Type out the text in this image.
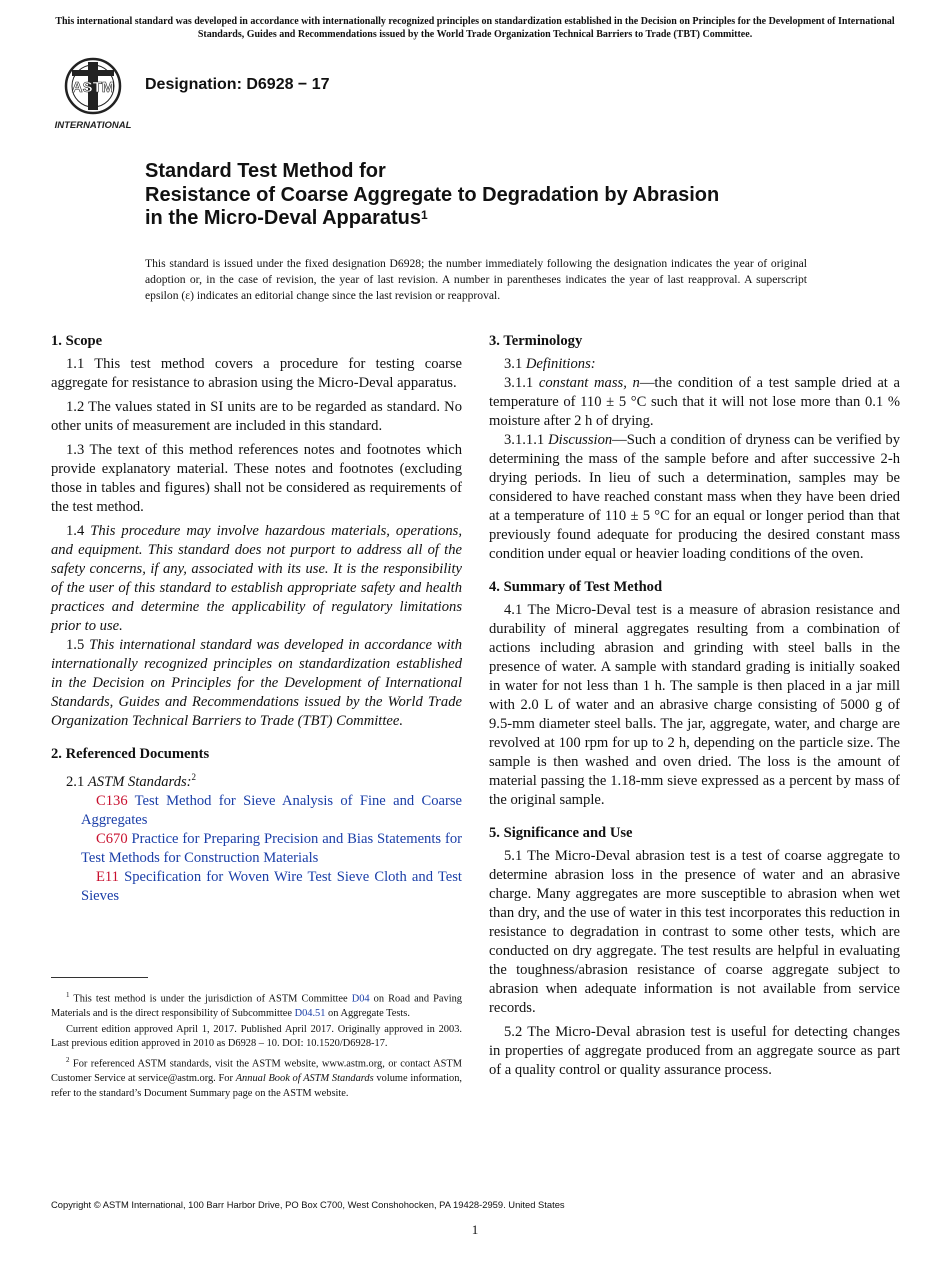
This international standard was developed in accordance with internationally recognized principles on standardization established in the Decision on Principles for the Development of International Standards, Guides and Recommendations issued by the World Trade Organization Technical Barriers to Trade (TBT) Committee.
ASTM
INTERNATIONAL
Designation: D6928 − 17
Standard Test Method for
Resistance of Coarse Aggregate to Degradation by Abrasion
in the Micro-Deval Apparatus$^1$
This standard is issued under the fixed designation D6928; the number immediately following the designation indicates the year of original adoption or, in the case of revision, the year of last revision. A number in parentheses indicates the year of last reapproval. A superscript epsilon (ε) indicates an editorial change since the last revision or reapproval.
1. Scope

1.1 This test method covers a procedure for testing coarse aggregate for resistance to abrasion using the Micro-Deval apparatus.

1.2 The values stated in SI units are to be regarded as standard. No other units of measurement are included in this standard.

1.3 The text of this method references notes and footnotes which provide explanatory material. These notes and footnotes (excluding those in tables and figures) shall not be considered as requirements of the test method.

1.4 This procedure may involve hazardous materials, operations, and equipment. This standard does not purport to address all of the safety concerns, if any, associated with its use. It is the responsibility of the user of this standard to establish appropriate safety and health practices and determine the applicability of regulatory limitations prior to use.

1.5 This international standard was developed in accordance with internationally recognized principles on standardization established in the Decision on Principles for the Development of International Standards, Guides and Recommendations issued by the World Trade Organization Technical Barriers to Trade (TBT) Committee.

2. Referenced Documents

2.1 ASTM Standards:$^2$

C136 Test Method for Sieve Analysis of Fine and Coarse Aggregates

C670 Practice for Preparing Precision and Bias Statements for Test Methods for Construction Materials

E11 Specification for Woven Wire Test Sieve Cloth and Test Sieves

3. Terminology

3.1 Definitions:

3.1.1 constant mass, n—the condition of a test sample dried at a temperature of 110 ± 5 °C such that it will not lose more than 0.1 % moisture after 2 h of drying.

3.1.1.1 Discussion—Such a condition of dryness can be verified by determining the mass of the sample before and after successive 2-h drying periods. In lieu of such a determination, samples may be considered to have reached constant mass when they have been dried at a temperature of 110 ± 5 °C for an equal or longer period than that previously found adequate for producing the desired constant mass condition under equal or heavier loading conditions of the oven.

4. Summary of Test Method

4.1 The Micro-Deval test is a measure of abrasion resistance and durability of mineral aggregates resulting from a combination of actions including abrasion and grinding with steel balls in the presence of water. A sample with standard grading is initially soaked in water for not less than 1 h. The sample is then placed in a jar mill with 2.0 L of water and an abrasive charge consisting of 5000 g of 9.5-mm diameter steel balls. The jar, aggregate, water, and charge are revolved at 100 rpm for up to 2 h, depending on the particle size. The sample is then washed and oven dried. The loss is the amount of material passing the 1.18-mm sieve expressed as a percent by mass of the original sample.

5. Significance and Use

5.1 The Micro-Deval abrasion test is a test of coarse aggregate to determine abrasion loss in the presence of water and an abrasive charge. Many aggregates are more susceptible to abrasion when wet than dry, and the use of water in this test incorporates this reduction in resistance to degradation in contrast to some other tests, which are conducted on dry aggregate. The test results are helpful in evaluating the toughness/abrasion resistance of coarse aggregate subject to abrasion when adequate information is not available from service records.

5.2 The Micro-Deval abrasion test is useful for detecting changes in properties of aggregate produced from an aggregate source as part of a quality control or quality assurance process.

$^1$ This test method is under the jurisdiction of ASTM Committee D04 on Road and Paving Materials and is the direct responsibility of Subcommittee D04.51 on Aggregate Tests.

Current edition approved April 1, 2017. Published April 2017. Originally approved in 2003. Last previous edition approved in 2010 as D6928 – 10. DOI: 10.1520/D6928-17.

$^2$ For referenced ASTM standards, visit the ASTM website, www.astm.org, or contact ASTM Customer Service at service@astm.org. For Annual Book of ASTM Standards volume information, refer to the standard’s Document Summary page on the ASTM website.

Copyright © ASTM International, 100 Barr Harbor Drive, PO Box C700, West Conshohocken, PA 19428-2959. United States
1
